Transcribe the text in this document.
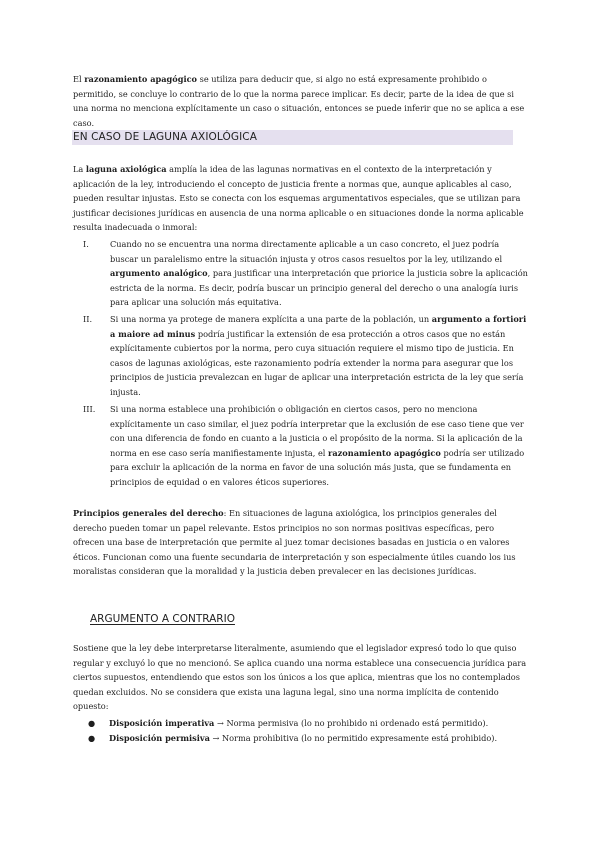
El razonamiento apagógico se utiliza para deducir que, si algo no está expresamente prohibido o permitido, se concluye lo contrario de lo que la norma parece implicar. Es decir, parte de la idea de que si una norma no menciona explícitamente un caso o situación, entonces se puede inferir que no se aplica a ese caso.

EN CASO DE LAGUNA AXIOLÓGICA

La laguna axiológica amplía la idea de las lagunas normativas en el contexto de la interpretación y aplicación de la ley, introduciendo el concepto de justicia frente a normas que, aunque aplicables al caso, pueden resultar injustas. Esto se conecta con los esquemas argumentativos especiales, que se utilizan para justificar decisiones jurídicas en ausencia de una norma aplicable o en situaciones donde la norma aplicable resulta inadecuada o inmoral:

I.	Cuando no se encuentra una norma directamente aplicable a un caso concreto, el juez podría buscar un paralelismo entre la situación injusta y otros casos resueltos por la ley, utilizando el argumento analógico, para justificar una interpretación que priorice la justicia sobre la aplicación estricta de la norma. Es decir, podría buscar un principio general del derecho o una analogía iuris para aplicar una solución más equitativa.

II. Si una norma ya protege de manera explícita a una parte de la población, un argumento a fortiori a maiore ad minus podría justificar la extensión de esa protección a otros casos que no están explícitamente cubiertos por la norma, pero cuya situación requiere el mismo tipo de justicia. En casos de lagunas axiológicas, este razonamiento podría extender la norma para asegurar que los principios de justicia prevalezcan en lugar de aplicar una interpretación estricta de la ley que sería injusta.

III. Si una norma establece una prohibición o obligación en ciertos casos, pero no menciona explícitamente un caso similar, el juez podría interpretar que la exclusión de ese caso tiene que ver con una diferencia de fondo en cuanto a la justicia o el propósito de la norma. Si la aplicación de la norma en ese caso sería manifiestamente injusta, el razonamiento apagógico podría ser utilizado para excluir la aplicación de la norma en favor de una solución más justa, que se fundamenta en principios de equidad o en valores éticos superiores.

Principios generales del derecho: En situaciones de laguna axiológica, los principios generales del derecho pueden tomar un papel relevante. Estos principios no son normas positivas específicas, pero ofrecen una base de interpretación que permite al juez tomar decisiones basadas en justicia o en valores éticos. Funcionan como una fuente secundaria de interpretación y son especialmente útiles cuando los ius moralistas consideran que la moralidad y la justicia deben prevalecer en las decisiones jurídicas.

ARGUMENTO A CONTRARIO

Sostiene que la ley debe interpretarse literalmente, asumiendo que el legislador expresó todo lo que quiso regular y excluyó lo que no mencionó. Se aplica cuando una norma establece una consecuencia jurídica para ciertos supuestos, entendiendo que estos son los únicos a los que aplica, mientras que los no contemplados quedan excluidos. No se considera que exista una laguna legal, sino una norma implícita de contenido opuesto:

● Disposición imperativa → Norma permisiva (lo no prohibido ni ordenado está permitido).

● Disposición permisiva → Norma prohibitiva (lo no permitido expresamente está prohibido).
